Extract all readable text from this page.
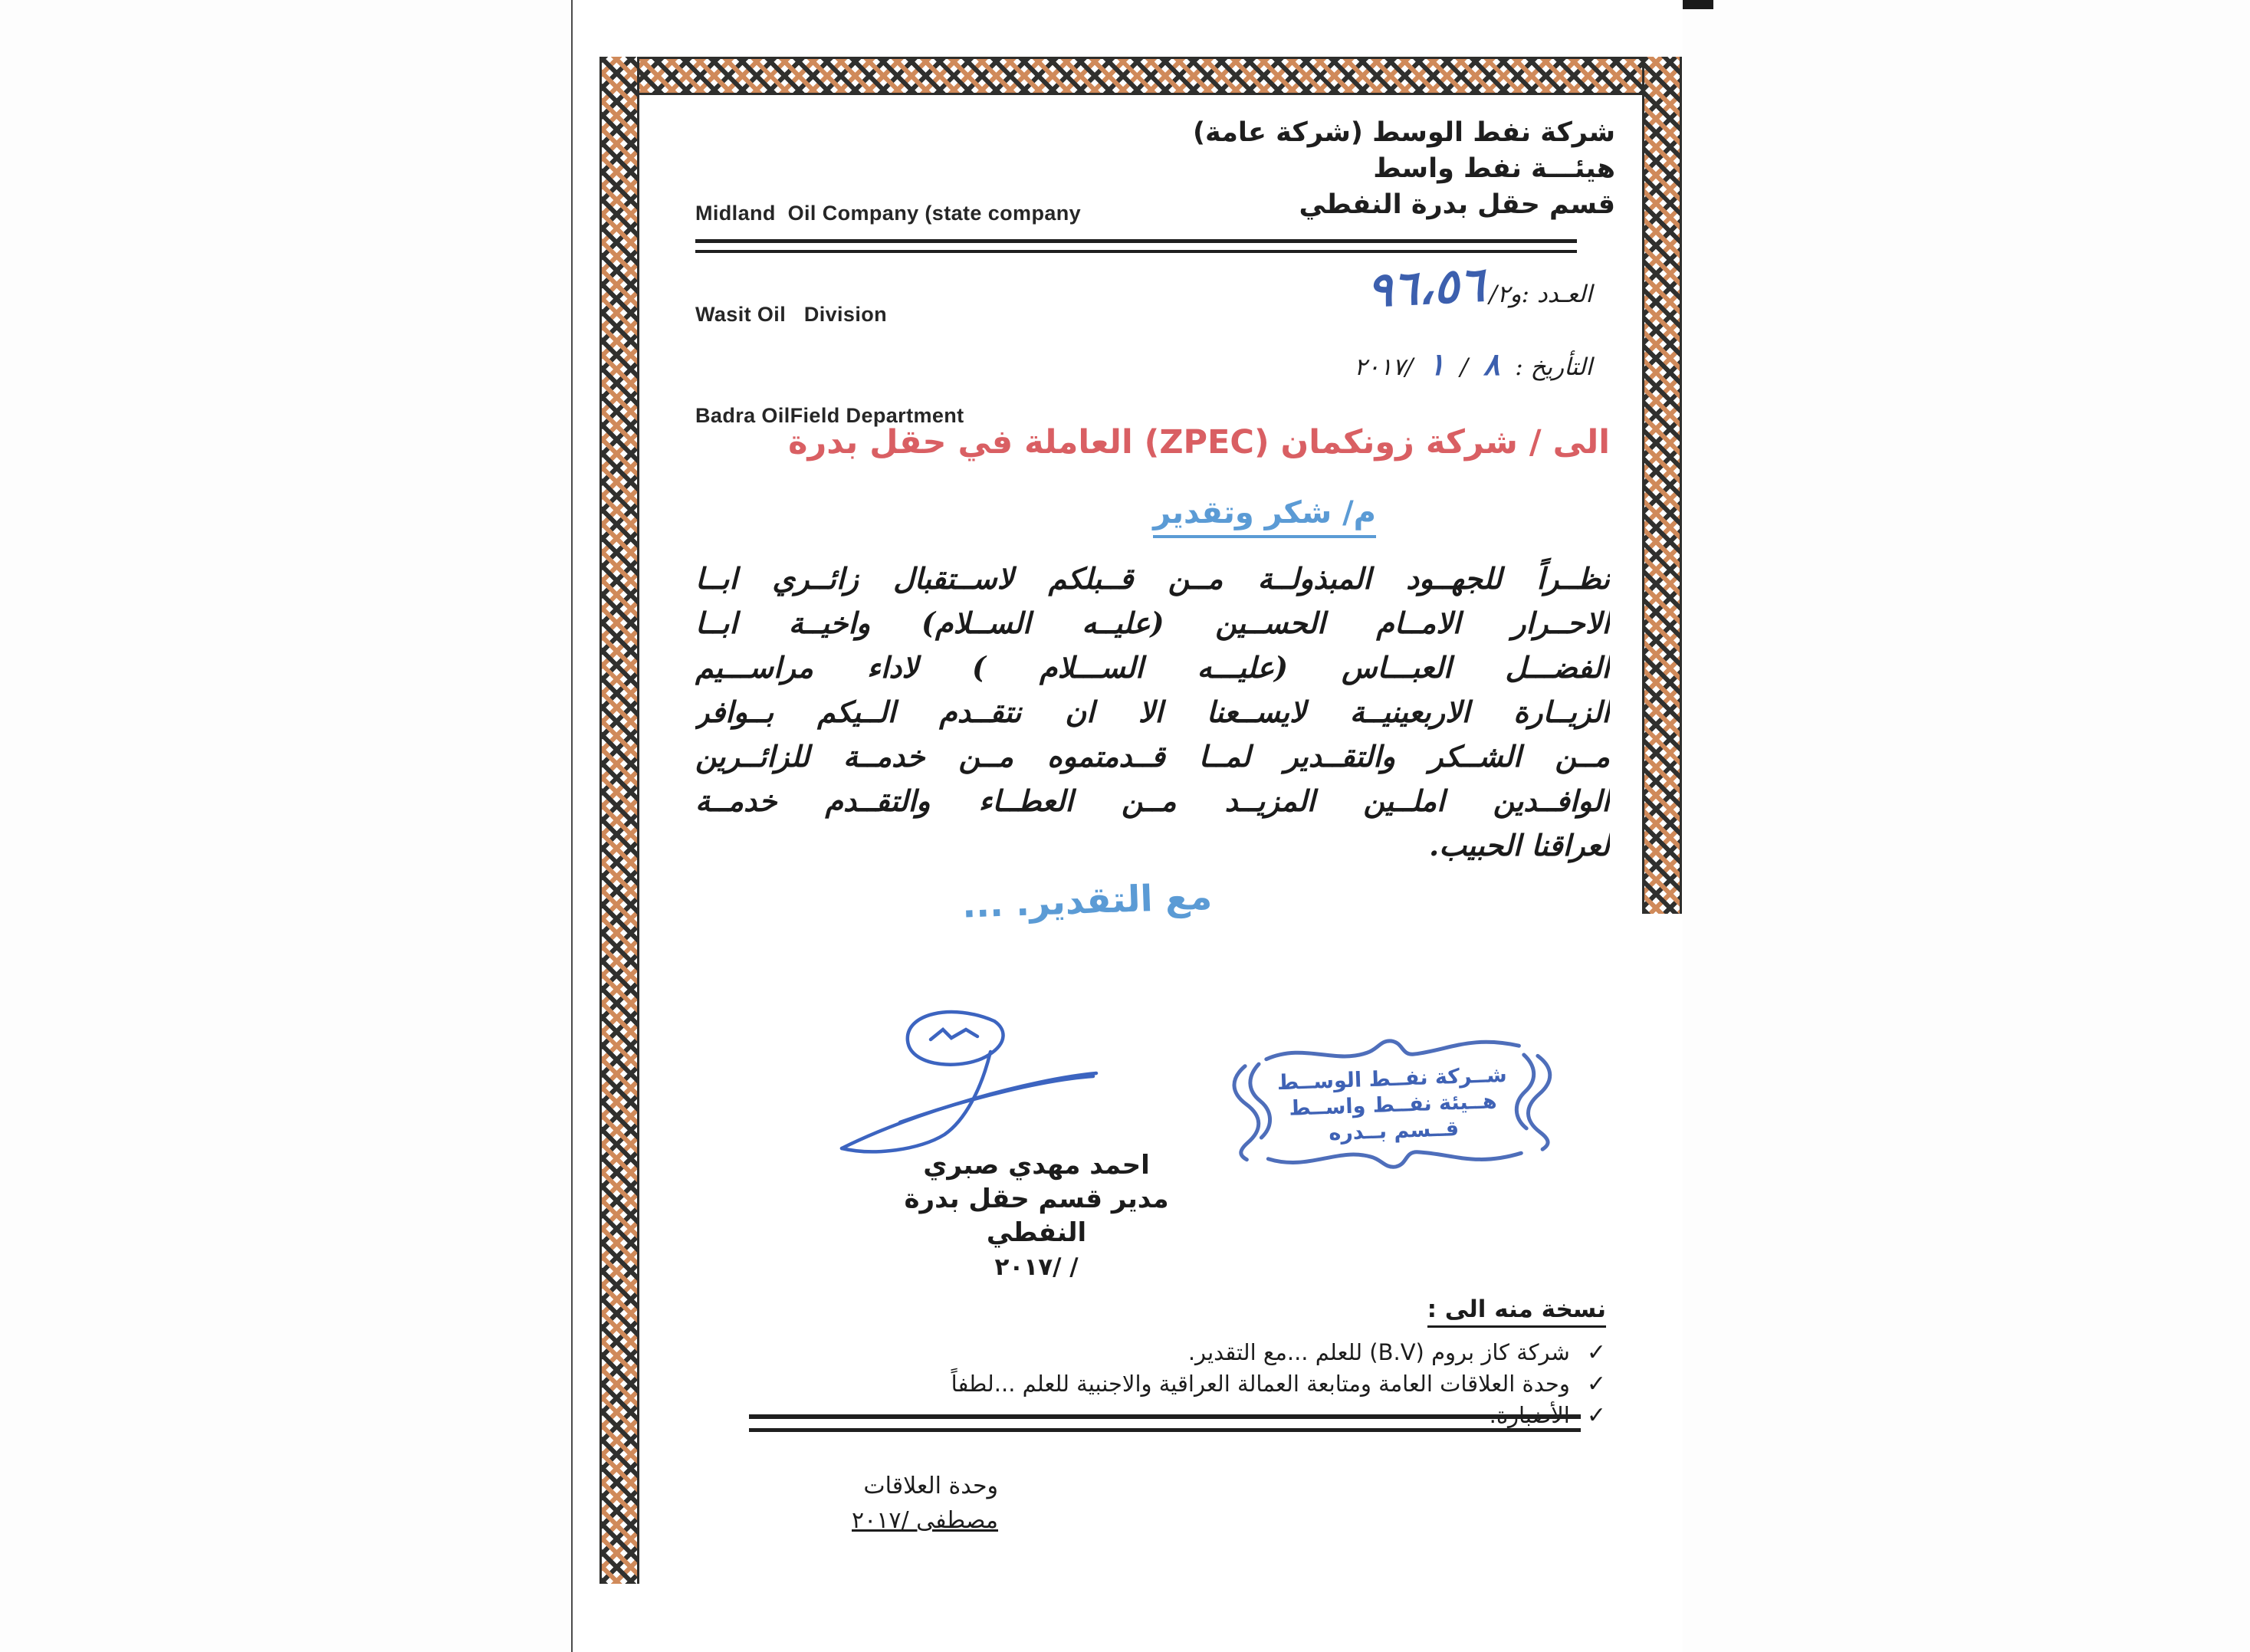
Midland  Oil Company (state company

Wasit Oil   Division

Badra OilField Department

شركة نفط الوسط (شركة عامة)
هيئـــة نفط واسط
قسم حقل بدرة النفطي
العـدد :و٢/
٩٦،٥٦
التأريخ : ٨ / ١ /٢٠١٧
الى / شركة زونكمان (ZPEC) العاملة في حقل بدرة
م/ شكر وتقدير
نظــراً للجهــود المبذولــة مــن قــبلكم لاســتقبال زائــري ابــا
الاحــرار الامــام الحســين (عليــه الســلام) واخيــة ابــا
الفضـــل العبـــاس (عليـــه الســـلام ) لاداء مراســـيم
الزيــارة الاربعينيــة لايســعنا الا ان نتقــدم الــيكم بــوافر
مــن الشــكر والتقــدير لمــا قــدمتموه مــن خدمــة للزائــرين
الوافــدين املــين المزيــد مــن العطــاء والتقــدم خدمــة
لعراقنا الحبيب.
مع التقدير. ...
احمد مهدي صبري
مدير قسم حقل بدرة النفطي
/ /٢٠١٧
شــركة نفــط الوســط
هــيئة نفــط واســط
قــسم بــدره
نسخة منه الى :
✓شركة كاز بروم (B.V) للعلم ...مع التقدير.
✓وحدة العلاقات العامة ومتابعة العمالة العراقية والاجنبية للعلم ...لطفاً
✓
وحدة العلاقات
مصطفى /٢٠١٧
